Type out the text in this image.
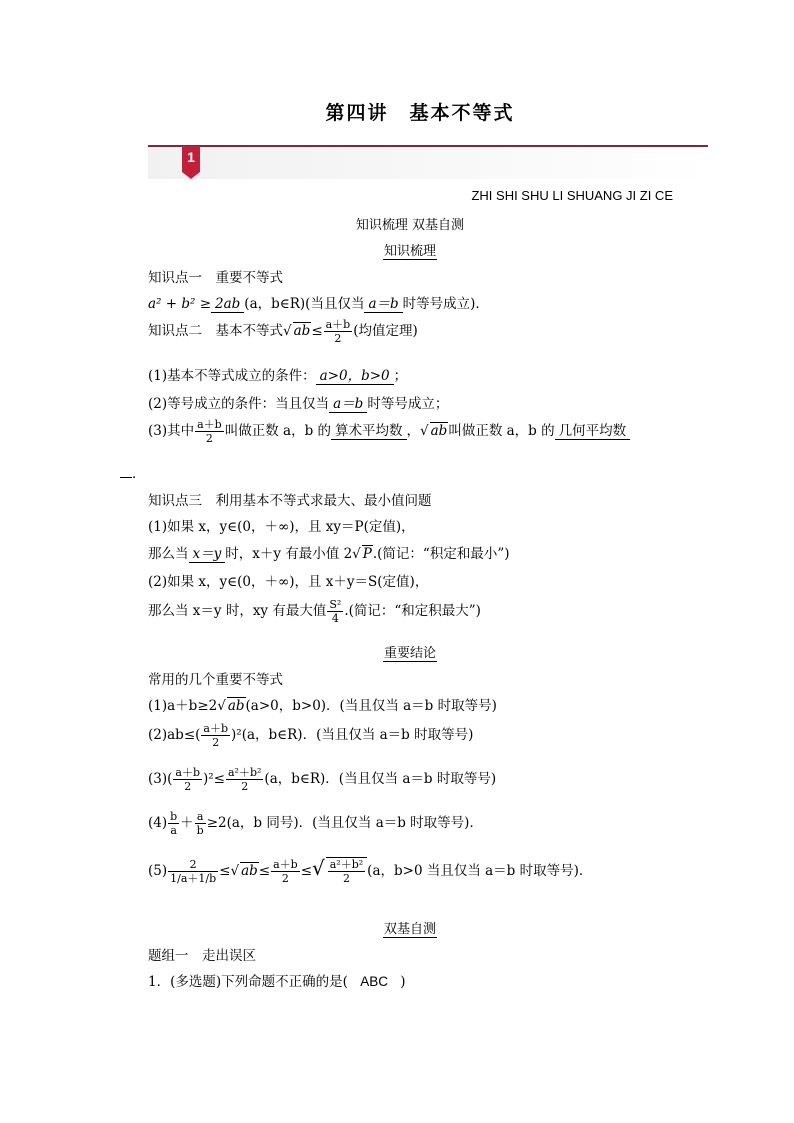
第四讲　基本不等式
1
ZHI SHI SHU LI SHUANG JI ZI CE
知识梳理 双基自测
知识梳理
知识点一　重要不等式
a² + b² ≥ 2ab (a，b∈R)(当且仅当 a＝b 时等号成立)．
知识点二　基本不等式√ $ab\le \frac{a+b}{2}$ (均值定理)
(1)基本不等式成立的条件： a>0，b>0 ；
(2)等号成立的条件：当且仅当 a＝b 时等号成立；
(3)其中 $\frac{a+b}{2}$ 叫做正数 a，b 的 算术平均数 ，√ ab叫做正数 a，b 的 几何平均数
．
知识点三　利用基本不等式求最大、最小值问题
(1)如果 x，y∈(0，＋∞)，且 xy＝P(定值)，
那么当 x＝y 时，x＋y 有最小值 2√ P.(简记：“积定和最小”)
(2)如果 x，y∈(0，＋∞)，且 x＋y＝S(定值)，
那么当 x＝y 时，xy 有最大值 $\frac{\text{S²}}{4}$ .(简记：“和定积最大”)
重要结论
常用的几个重要不等式
(1)a＋b≥2√ ab(a>0，b>0)．(当且仅当 a＝b 时取等号)
$(2)ab\le( \frac{a+b}{2} )^2(a$，b∈R)．(当且仅当 a＝b 时取等号)
$(3)( \frac{a+b}{2} )^2\le \frac{\text{a²＋b²}}{2} (a$，b∈R)．(当且仅当 a＝b 时取等号)
$(4) \frac{b}{a} + \frac{a}{b} \ge 2(a$，b 同号)．(当且仅当 a＝b 时取等号)．
$(5) \frac{2}{1/a+1/b}$ ≤√ $ab\le \frac{a+b}{2}$ ≤√ $\frac{\text{a²＋b²}}{2} (a$，b>0 当且仅当 a＝b 时取等号)．
双基自测
题组一　走出误区
1．(多选题)下列命题不正确的是( ABC )
